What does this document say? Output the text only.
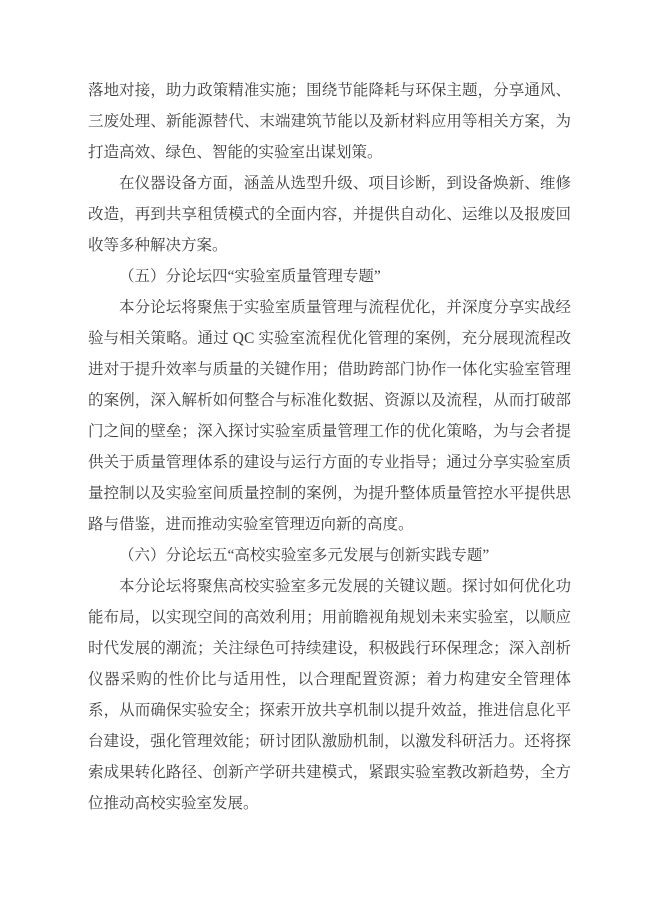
落地对接，助力政策精准实施；围绕节能降耗与环保主题，分享通风、三废处理、新能源替代、末端建筑节能以及新材料应用等相关方案，为打造高效、绿色、智能的实验室出谋划策。

在仪器设备方面，涵盖从选型升级、项目诊断，到设备焕新、维修改造，再到共享租赁模式的全面内容，并提供自动化、运维以及报废回收等多种解决方案。

（五）分论坛四“实验室质量管理专题”

本分论坛将聚焦于实验室质量管理与流程优化，并深度分享实战经验与相关策略。通过 QC 实验室流程优化管理的案例，充分展现流程改进对于提升效率与质量的关键作用；借助跨部门协作一体化实验室管理的案例，深入解析如何整合与标准化数据、资源以及流程，从而打破部门之间的壁垒；深入探讨实验室质量管理工作的优化策略，为与会者提供关于质量管理体系的建设与运行方面的专业指导；通过分享实验室质量控制以及实验室间质量控制的案例，为提升整体质量管控水平提供思路与借鉴，进而推动实验室管理迈向新的高度。

（六）分论坛五“高校实验室多元发展与创新实践专题”

本分论坛将聚焦高校实验室多元发展的关键议题。探讨如何优化功能布局，以实现空间的高效利用；用前瞻视角规划未来实验室，以顺应时代发展的潮流；关注绿色可持续建设，积极践行环保理念；深入剖析仪器采购的性价比与适用性，以合理配置资源；着力构建安全管理体系，从而确保实验安全；探索开放共享机制以提升效益，推进信息化平台建设，强化管理效能；研讨团队激励机制，以激发科研活力。还将探索成果转化路径、创新产学研共建模式，紧跟实验室教改新趋势，全方位推动高校实验室发展。
